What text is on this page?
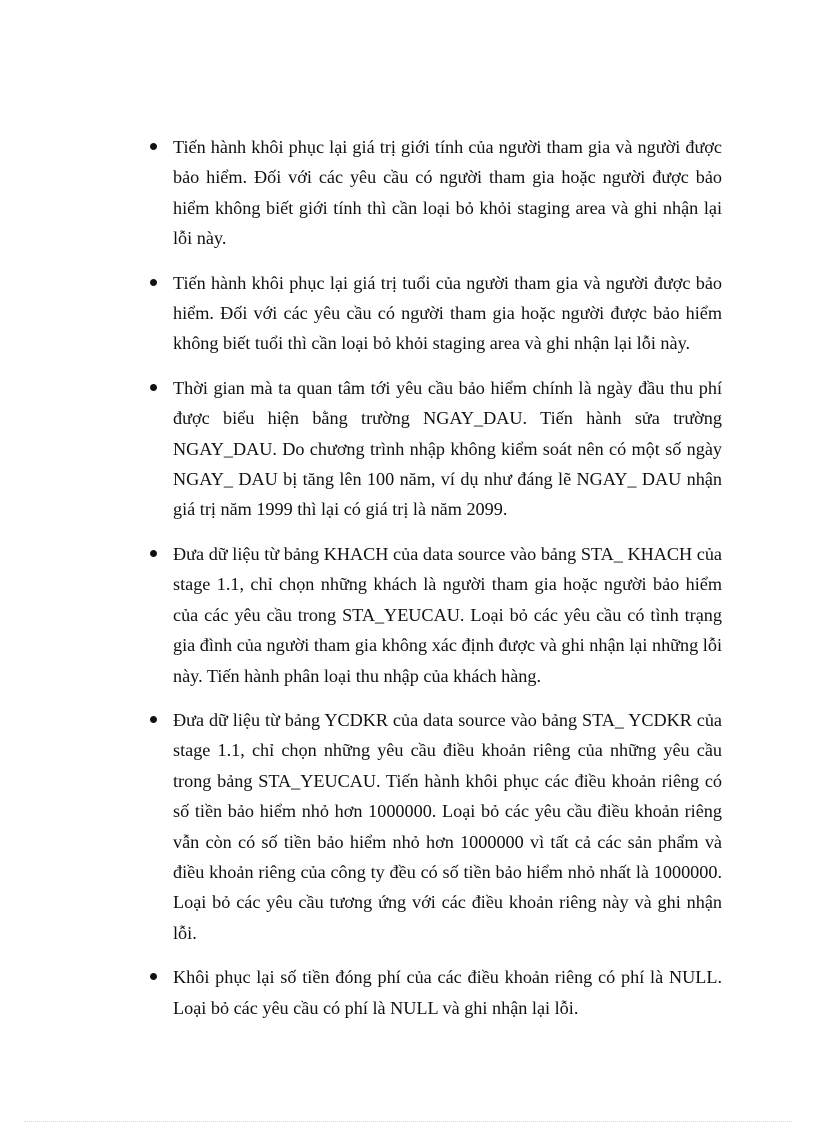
Tiến hành khôi phục lại giá trị giới tính của người tham gia và người được bảo hiểm. Đối với các yêu cầu có người tham gia hoặc người được bảo hiểm không biết giới tính thì cần loại bỏ khỏi staging area và ghi nhận lại lỗi này.
Tiến hành khôi phục lại giá trị tuổi của người tham gia và người được bảo hiểm. Đối với các yêu cầu có người tham gia hoặc người được bảo hiểm không biết tuổi thì cần loại bỏ khỏi staging area và ghi nhận lại lỗi này.
Thời gian mà ta quan tâm tới yêu cầu bảo hiểm chính là ngày đầu thu phí được biểu hiện bằng trường NGAY_DAU. Tiến hành sửa trường NGAY_DAU. Do chương trình nhập không kiểm soát nên có một số ngày NGAY_ DAU bị tăng lên 100 năm, ví dụ như đáng lẽ NGAY_ DAU nhận giá trị năm 1999 thì lại có giá trị là năm 2099.
Đưa dữ liệu từ bảng KHACH của data source vào bảng STA_ KHACH của stage 1.1, chỉ chọn những khách là người tham gia hoặc người bảo hiểm của các yêu cầu trong STA_YEUCAU. Loại bỏ các yêu cầu có tình trạng gia đình của người tham gia không xác định được và ghi nhận lại những lỗi này. Tiến hành phân loại thu nhập của khách hàng.
Đưa dữ liệu từ bảng YCDKR của data source vào bảng STA_ YCDKR của stage 1.1, chỉ chọn những yêu cầu điều khoản riêng của những yêu cầu trong bảng STA_YEUCAU. Tiến hành khôi phục các điều khoản riêng có số tiền bảo hiểm nhỏ hơn 1000000. Loại bỏ các yêu cầu điều khoản riêng vẫn còn có số tiền bảo hiểm nhỏ hơn 1000000 vì tất cả các sản phẩm và điều khoản riêng của công ty đều có số tiền bảo hiểm nhỏ nhất là 1000000. Loại bỏ các yêu cầu tương ứng với các điều khoản riêng này và ghi nhận lỗi.
Khôi phục lại số tiền đóng phí của các điều khoản riêng có phí là NULL. Loại bỏ các yêu cầu có phí là NULL và ghi nhận lại lỗi.
